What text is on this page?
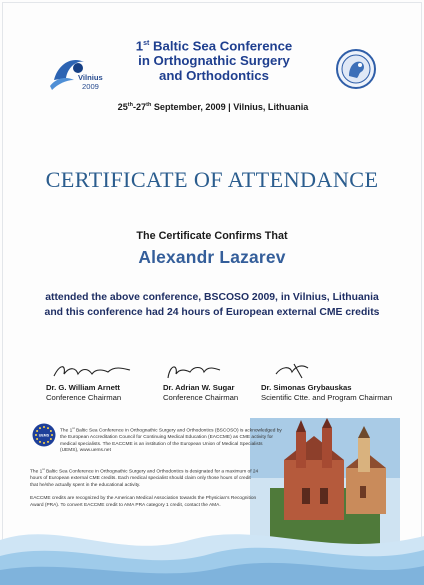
Vilnius
2009
1st Baltic Sea Conference
in Orthognathic Surgery
and Orthodontics
25th-27th September, 2009 | Vilnius, Lithuania
CERTIFICATE OF ATTENDANCE
The Certificate Confirms That
Alexandr Lazarev
attended the above conference, BSCOSO 2009, in Vilnius, Lithuania
and this conference had 24 hours of European external CME credits
Dr. G. William Arnett
Conference Chairman
Dr. Adrian W. Sugar
Conference Chairman
Dr. Simonas Grybauskas
Scientific Ctte. and Program Chairman
UEMS
The 1st Baltic Sea Conference in Orthognathic Surgery and Orthodontics (BSCOSO) is acknowledged by the European Accreditation Council for Continuing Medical Education (EACCME) as CME activity for medical specialists. The EACCME is an institution of the European Union of Medical Specialists (UEMS), www.uems.net
The 1st Baltic Sea Conference in Orthognathic Surgery and Orthodontics is designated for a maximum of 24 hours of European external CME credits. Each medical specialist should claim only those hours of credit that he/she actually spent in the educational activity.
EACCME credits are recognized by the American Medical Association towards the Physician's Recognition Award (PRA). To convert EACCME credit to AMA PRA category 1 credit, contact the AMA.
